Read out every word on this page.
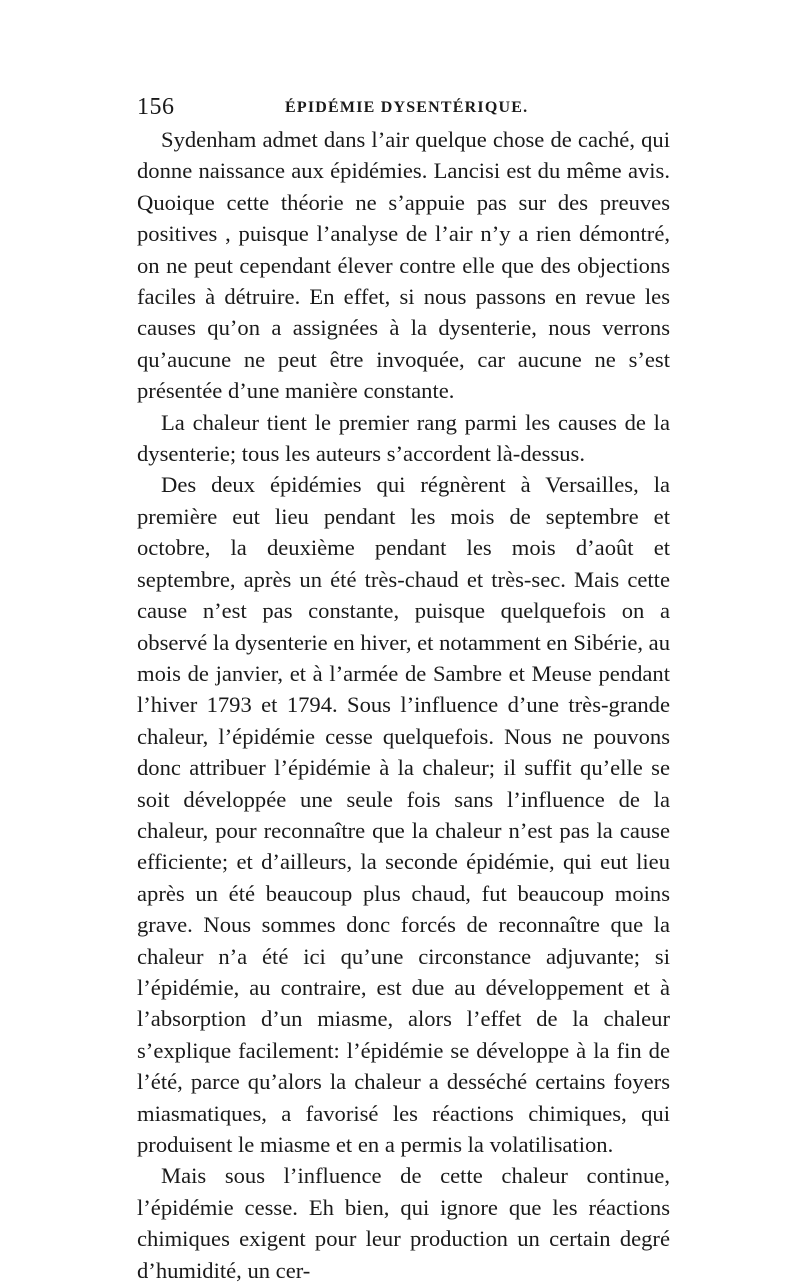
156	ÉPIDÉMIE DYSENTÉRIQUE.

Sydenham admet dans l’air quelque chose de caché, qui donne naissance aux épidémies. Lancisi est du même avis. Quoique cette théorie ne s’appuie pas sur des preuves positives , puisque l’analyse de l’air n’y a rien démontré, on ne peut cependant élever contre elle que des objections faciles à détruire. En effet, si nous passons en revue les causes qu’on a assignées à la dysenterie, nous verrons qu’aucune ne peut être invoquée, car aucune ne s’est présentée d’une manière constante.

La chaleur tient le premier rang parmi les causes de la dysenterie; tous les auteurs s’accordent là-dessus.

Des deux épidémies qui régnèrent à Versailles, la première eut lieu pendant les mois de septembre et octobre, la deuxième pendant les mois d’août et septembre, après un été très-chaud et très-sec. Mais cette cause n’est pas constante, puisque quelquefois on a observé la dysenterie en hiver, et notamment en Sibérie, au mois de janvier, et à l’armée de Sambre et Meuse pendant l’hiver 1793 et 1794. Sous l’influence d’une très-grande chaleur, l’épidémie cesse quelquefois. Nous ne pouvons donc attribuer l’épidémie à la chaleur; il suffit qu’elle se soit développée une seule fois sans l’influence de la chaleur, pour reconnaître que la chaleur n’est pas la cause efficiente; et d’ailleurs, la seconde épidémie, qui eut lieu après un été beaucoup plus chaud, fut beaucoup moins grave. Nous sommes donc forcés de reconnaître que la chaleur n’a été ici qu’une circonstance adjuvante; si l’épidémie, au contraire, est due au développement et à l’absorption d’un miasme, alors l’effet de la chaleur s’explique facilement: l’épidémie se développe à la fin de l’été, parce qu’alors la chaleur a desséché certains foyers miasmatiques, a favorisé les réactions chimiques, qui produisent le miasme et en a permis la volatilisation.

Mais sous l’influence de cette chaleur continue, l’épidémie cesse. Eh bien, qui ignore que les réactions chimiques exigent pour leur production un certain degré d’humidité, un cer-
